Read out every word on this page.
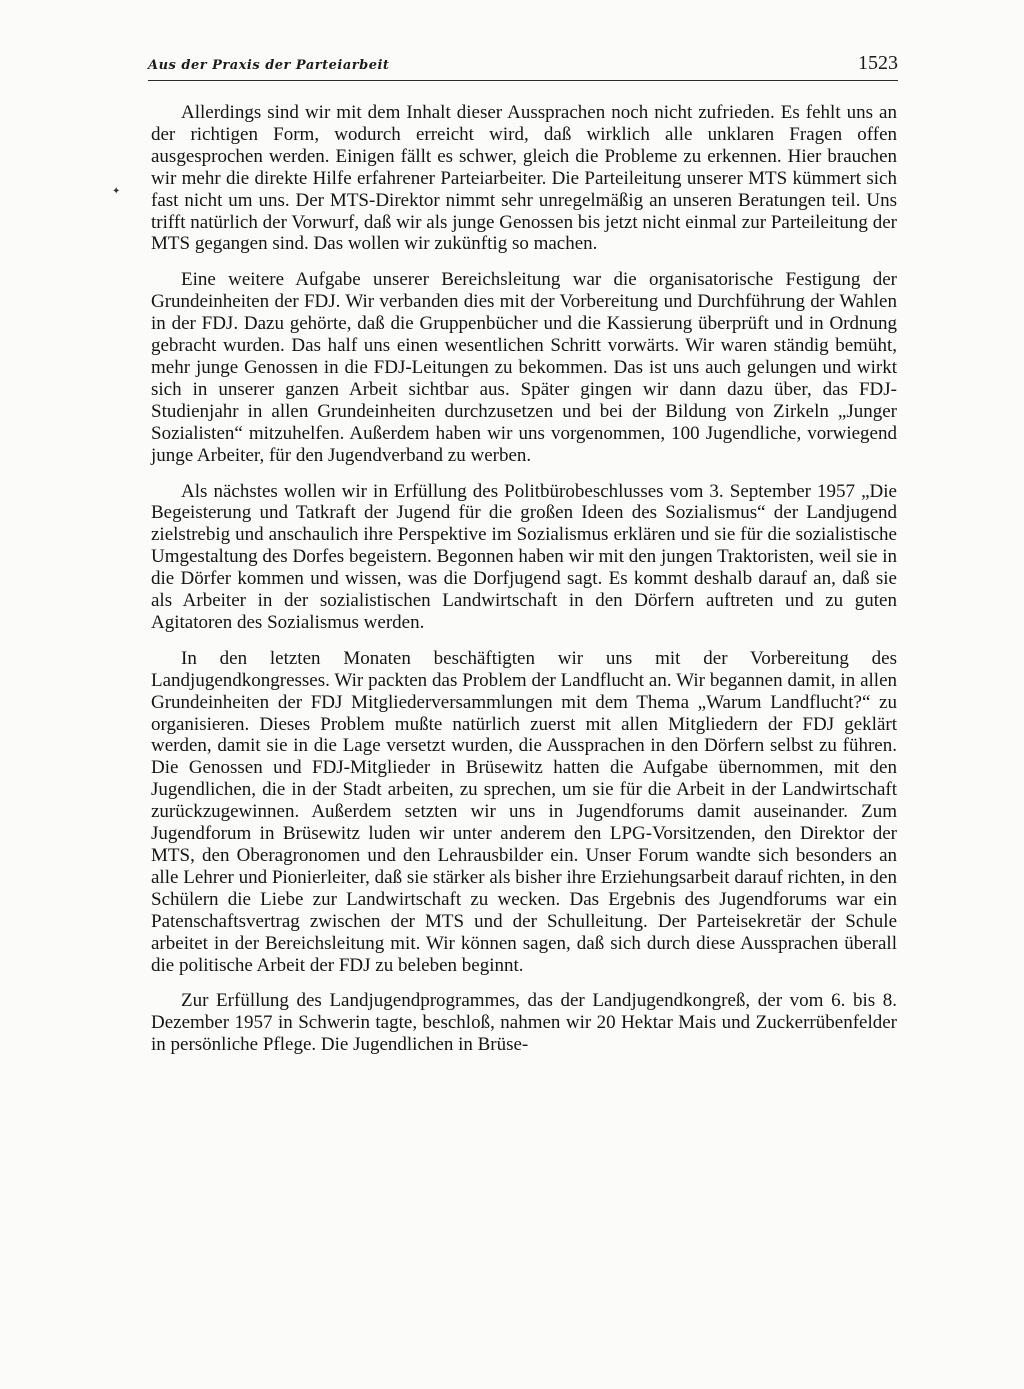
Aus der Praxis der Parteiarbeit	1523
✦

Allerdings sind wir mit dem Inhalt dieser Aussprachen noch nicht zufrieden. Es fehlt uns an der richtigen Form, wodurch erreicht wird, daß wirklich alle unklaren Fragen offen ausgesprochen werden. Einigen fällt es schwer, gleich die Probleme zu erkennen. Hier brauchen wir mehr die direkte Hilfe erfahrener Parteiarbeiter. Die Parteileitung unserer MTS kümmert sich fast nicht um uns. Der MTS-Direktor nimmt sehr unregelmäßig an unseren Beratungen teil. Uns trifft natürlich der Vorwurf, daß wir als junge Genossen bis jetzt nicht einmal zur Parteileitung der MTS gegangen sind. Das wollen wir zukünftig so machen.

Eine weitere Aufgabe unserer Bereichsleitung war die organisatorische Festigung der Grundeinheiten der FDJ. Wir verbanden dies mit der Vorbereitung und Durchführung der Wahlen in der FDJ. Dazu gehörte, daß die Gruppenbücher und die Kassierung überprüft und in Ordnung gebracht wurden. Das half uns einen wesentlichen Schritt vorwärts. Wir waren ständig bemüht, mehr junge Genossen in die FDJ-Leitungen zu bekommen. Das ist uns auch gelungen und wirkt sich in unserer ganzen Arbeit sichtbar aus. Später gingen wir dann dazu über, das FDJ-Studienjahr in allen Grundeinheiten durchzusetzen und bei der Bildung von Zirkeln „Junger Sozialisten“ mitzuhelfen. Außerdem haben wir uns vorgenommen, 100 Jugendliche, vorwiegend junge Arbeiter, für den Jugendverband zu werben.

Als nächstes wollen wir in Erfüllung des Politbürobeschlusses vom 3. September 1957 „Die Begeisterung und Tatkraft der Jugend für die großen Ideen des Sozialismus“ der Landjugend zielstrebig und anschaulich ihre Perspektive im Sozialismus erklären und sie für die sozialistische Umgestaltung des Dorfes begeistern. Begonnen haben wir mit den jungen Traktoristen, weil sie in die Dörfer kommen und wissen, was die Dorfjugend sagt. Es kommt deshalb darauf an, daß sie als Arbeiter in der sozialistischen Landwirtschaft in den Dörfern auftreten und zu guten Agitatoren des Sozialismus werden.

In den letzten Monaten beschäftigten wir uns mit der Vorbereitung des Landjugendkongresses. Wir packten das Problem der Landflucht an. Wir begannen damit, in allen Grundeinheiten der FDJ Mitgliederversammlungen mit dem Thema „Warum Landflucht?“ zu organisieren. Dieses Problem mußte natürlich zuerst mit allen Mitgliedern der FDJ geklärt werden, damit sie in die Lage versetzt wurden, die Aussprachen in den Dörfern selbst zu führen. Die Genossen und FDJ-Mitglieder in Brüsewitz hatten die Aufgabe übernommen, mit den Jugendlichen, die in der Stadt arbeiten, zu sprechen, um sie für die Arbeit in der Landwirtschaft zurückzugewinnen. Außerdem setzten wir uns in Jugendforums damit auseinander. Zum Jugendforum in Brüsewitz luden wir unter anderem den LPG-Vorsitzenden, den Direktor der MTS, den Oberagronomen und den Lehrausbilder ein. Unser Forum wandte sich besonders an alle Lehrer und Pionierleiter, daß sie stärker als bisher ihre Erziehungsarbeit darauf richten, in den Schülern die Liebe zur Landwirtschaft zu wecken. Das Ergebnis des Jugendforums war ein Patenschaftsvertrag zwischen der MTS und der Schulleitung. Der Parteisekretär der Schule arbeitet in der Bereichsleitung mit. Wir können sagen, daß sich durch diese Aussprachen überall die politische Arbeit der FDJ zu beleben beginnt.

Zur Erfüllung des Landjugendprogrammes, das der Landjugendkongreß, der vom 6. bis 8. Dezember 1957 in Schwerin tagte, beschloß, nahmen wir 20 Hektar Mais und Zuckerrübenfelder in persönliche Pflege. Die Jugendlichen in Brüse-
